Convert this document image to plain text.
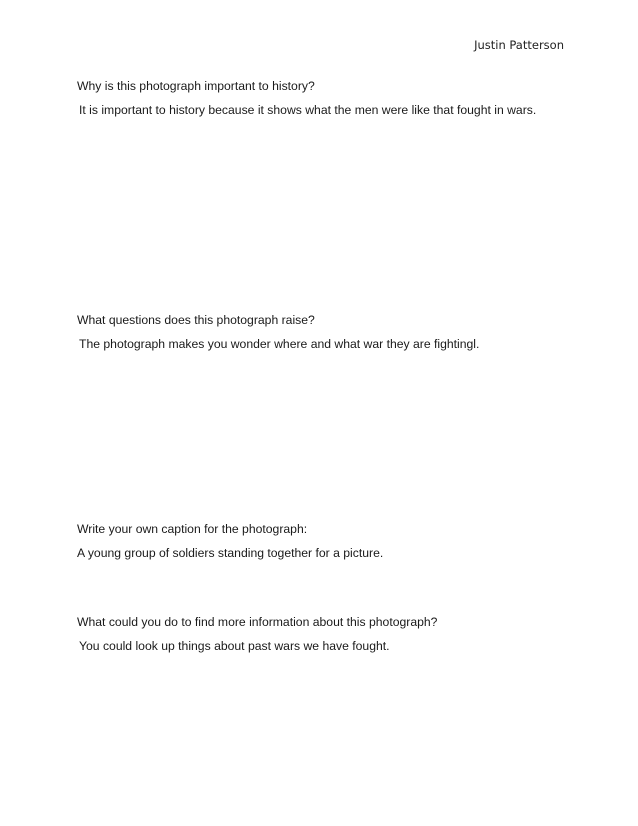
Justin Patterson

Why is this photograph important to history?

It is important to history because it shows what the men were like that fought in wars.

What questions does this photograph raise?

The photograph makes you wonder where and what war they are fightingl.

Write your own caption for the photograph:

A young group of soldiers standing together for a picture.

What could you do to find more information about this photograph?

You could look up things about past wars we have fought.
